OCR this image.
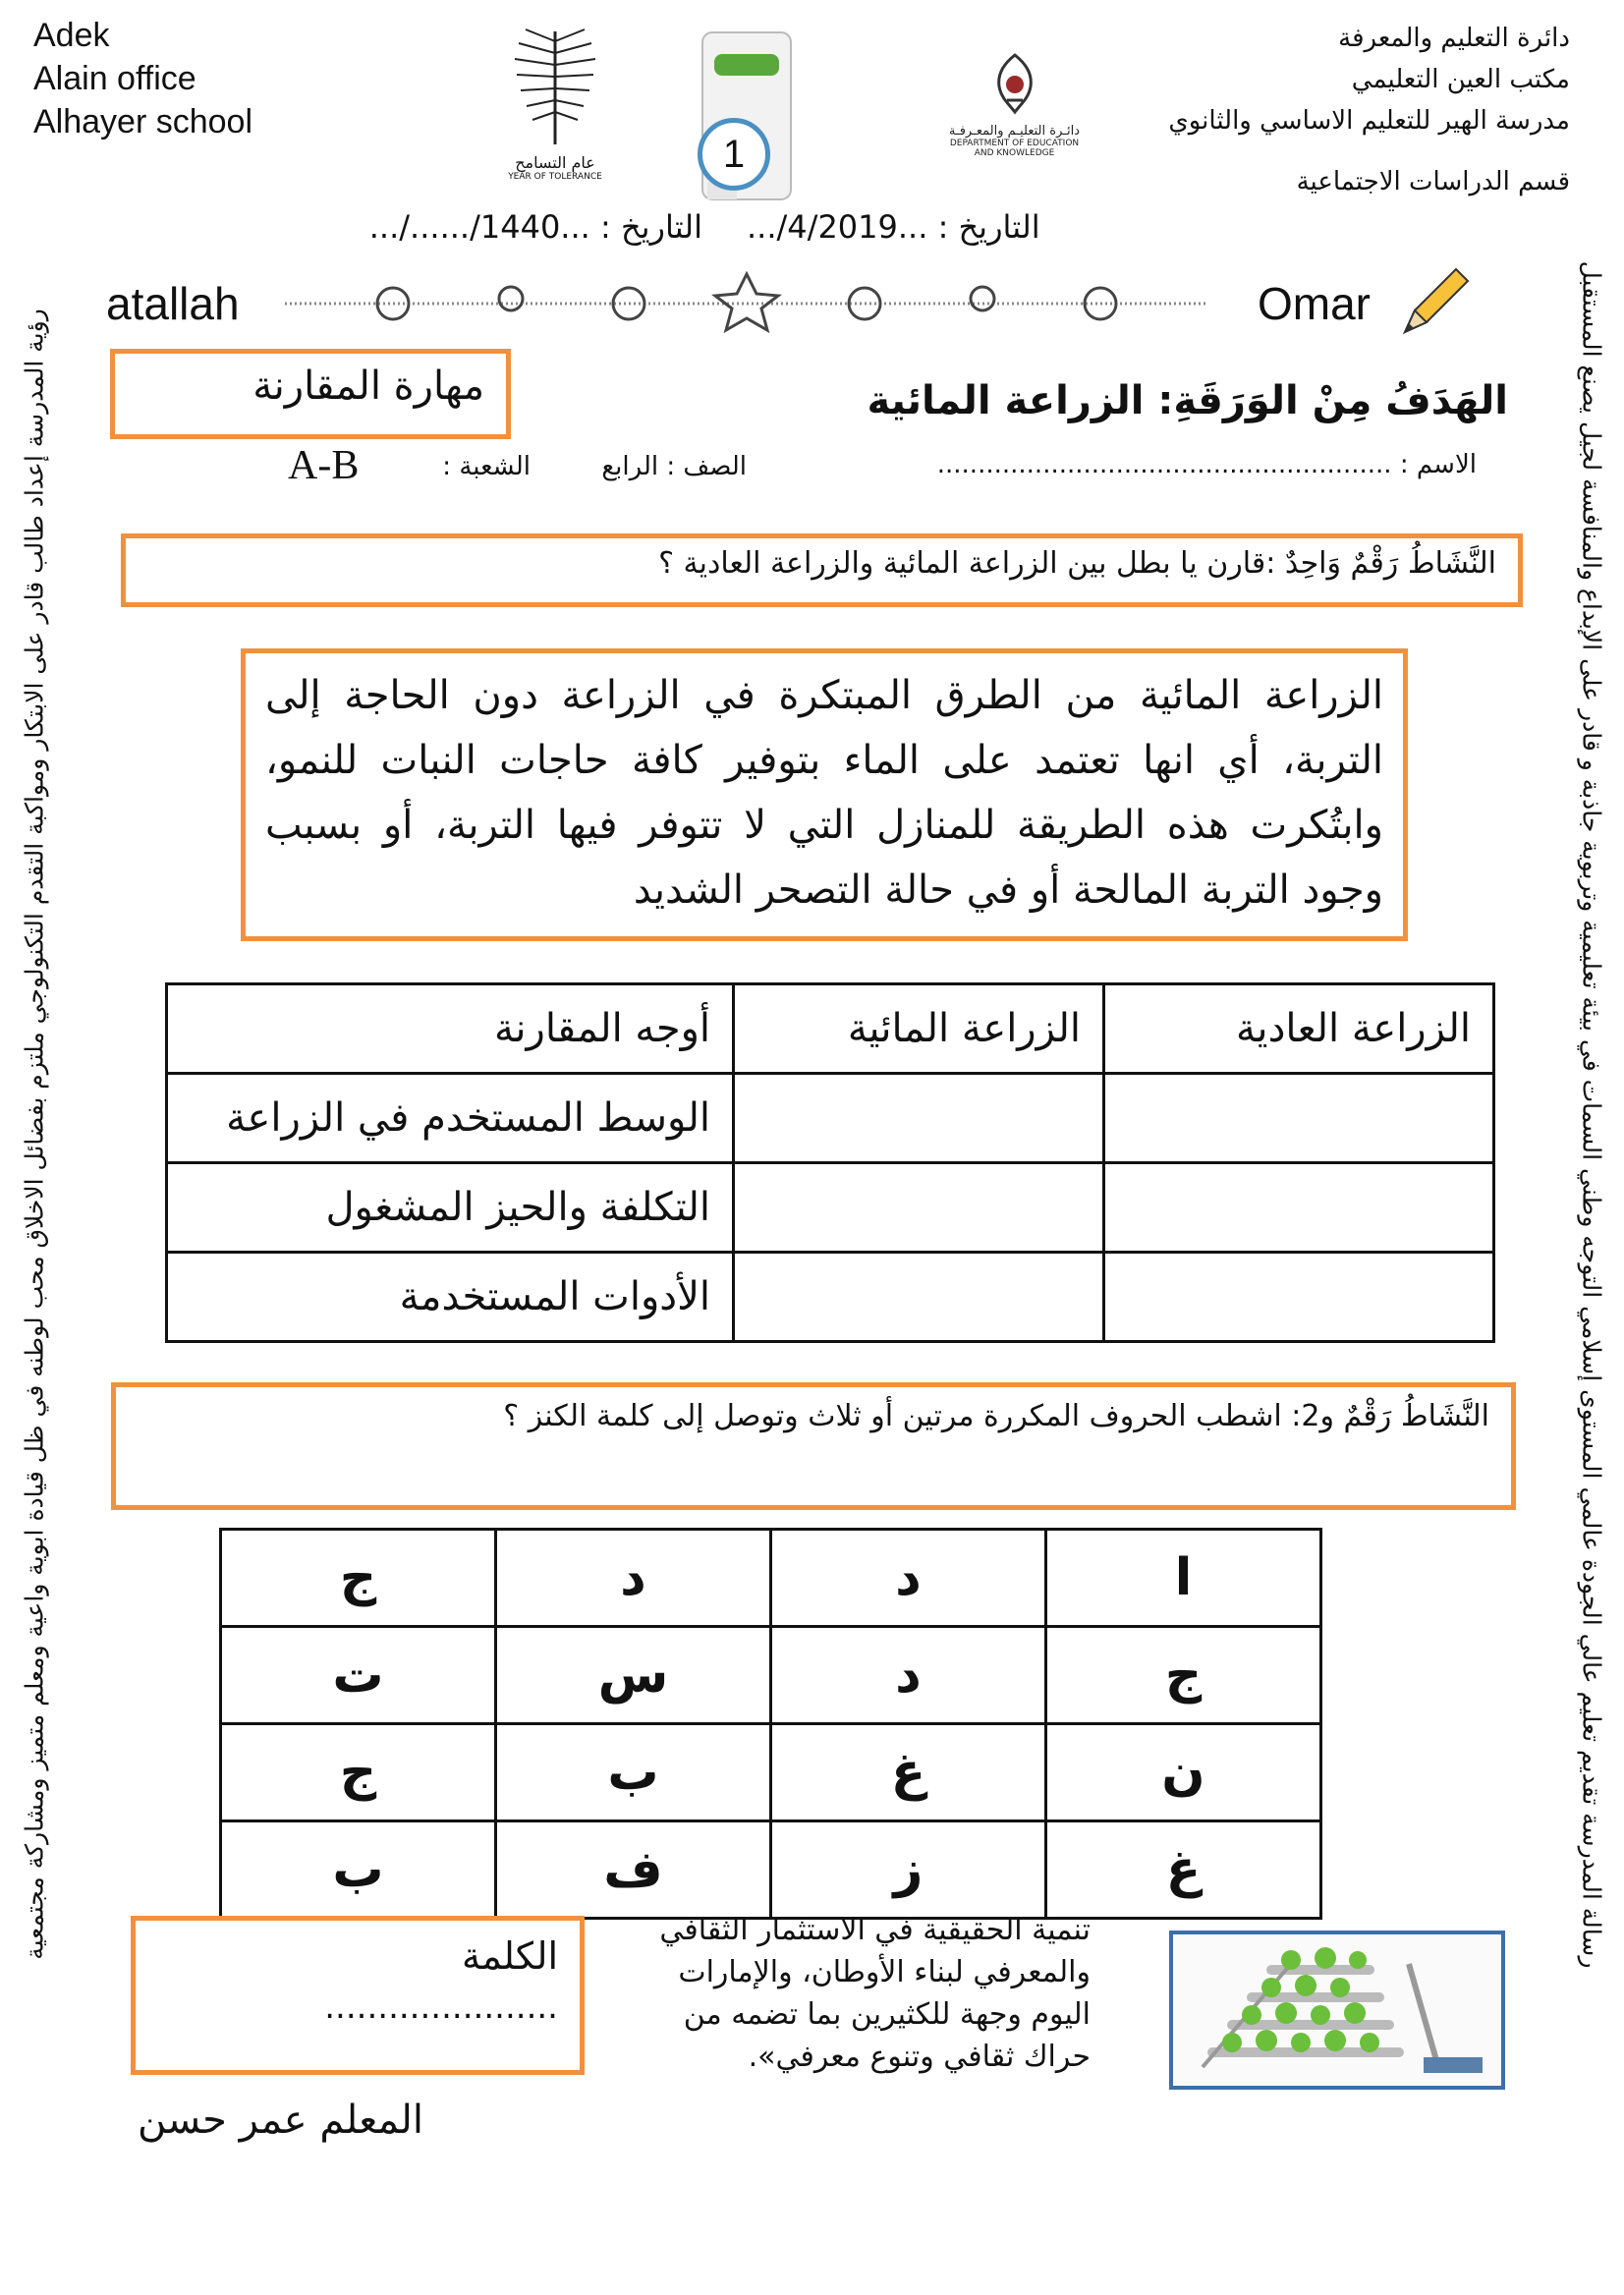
Adek
Alain office
Alhayer school
عام التسامح
YEAR OF TOLERANCE
1
دائـرة التعليـم والمعـرفـة
DEPARTMENT OF EDUCATION
AND KNOWLEDGE
دائرة التعليم والمعرفة
مكتب العين التعليمي
مدرسة الهير للتعليم الاساسي والثانوي
قسم الدراسات الاجتماعية
التاريخ : ...4/2019/...
التاريخ : ...1440/....../...
atallah	Omar
مهارة المقارنة	الهَدَفُ مِنْ الوَرَقَةِ: الزراعة المائية
الاسم : ........................................................
الصف : الرابع
الشعبة :
A-B
النَّشَاطُ رَقْمٌ وَاحِدٌ :قارن يا بطل بين الزراعة المائية والزراعة العادية ؟
الزراعة المائية من الطرق المبتكرة في الزراعة دون الحاجة إلى
التربة، أي انها تعتمد على الماء بتوفير كافة حاجات النبات للنمو،
وابتُكرت هذه الطريقة للمنازل التي لا تتوفر فيها التربة، أو بسبب
وجود التربة المالحة أو في حالة التصحر الشديد
أوجه المقارنة	الزراعة المائية	الزراعة العادية
الوسط المستخدم في الزراعة		
التكلفة والحيز المشغول		
الأدوات المستخدمة		
النَّشَاطُ رَقْمٌ و2: اشطب الحروف المكررة مرتين أو ثلاث وتوصل إلى كلمة الكنز ؟
ا	د	د	ج
ج	د	س	ت
ن	غ	ب	ج
غ	ز	ف	ب
الكلمة
......................
المعلم عمر حسن
تنمية الحقيقية في الاستثمار الثقافي
والمعرفي لبناء الأوطان، والإمارات
اليوم وجهة للكثيرين بما تضمه من
حراك ثقافي وتنوع معرفي».
رؤية المدرسة إعداد طالب قادر على الابتكار ومواكبة التقدم التكنولوجي ملتزم بفضائل الاخلاق محب لوطنه في ظل قيادة ابوية واعية ومعلم متميز ومشاركة مجتمعية	رسالة المدرسة تقديم تعليم عالي الجودة عالمي المستوى إسلامي التوجه وطني السمات في بيئة تعليمية وتربوية جاذبة و قادر على الإبداع والمنافسة لجيل يصنع المستقبل
